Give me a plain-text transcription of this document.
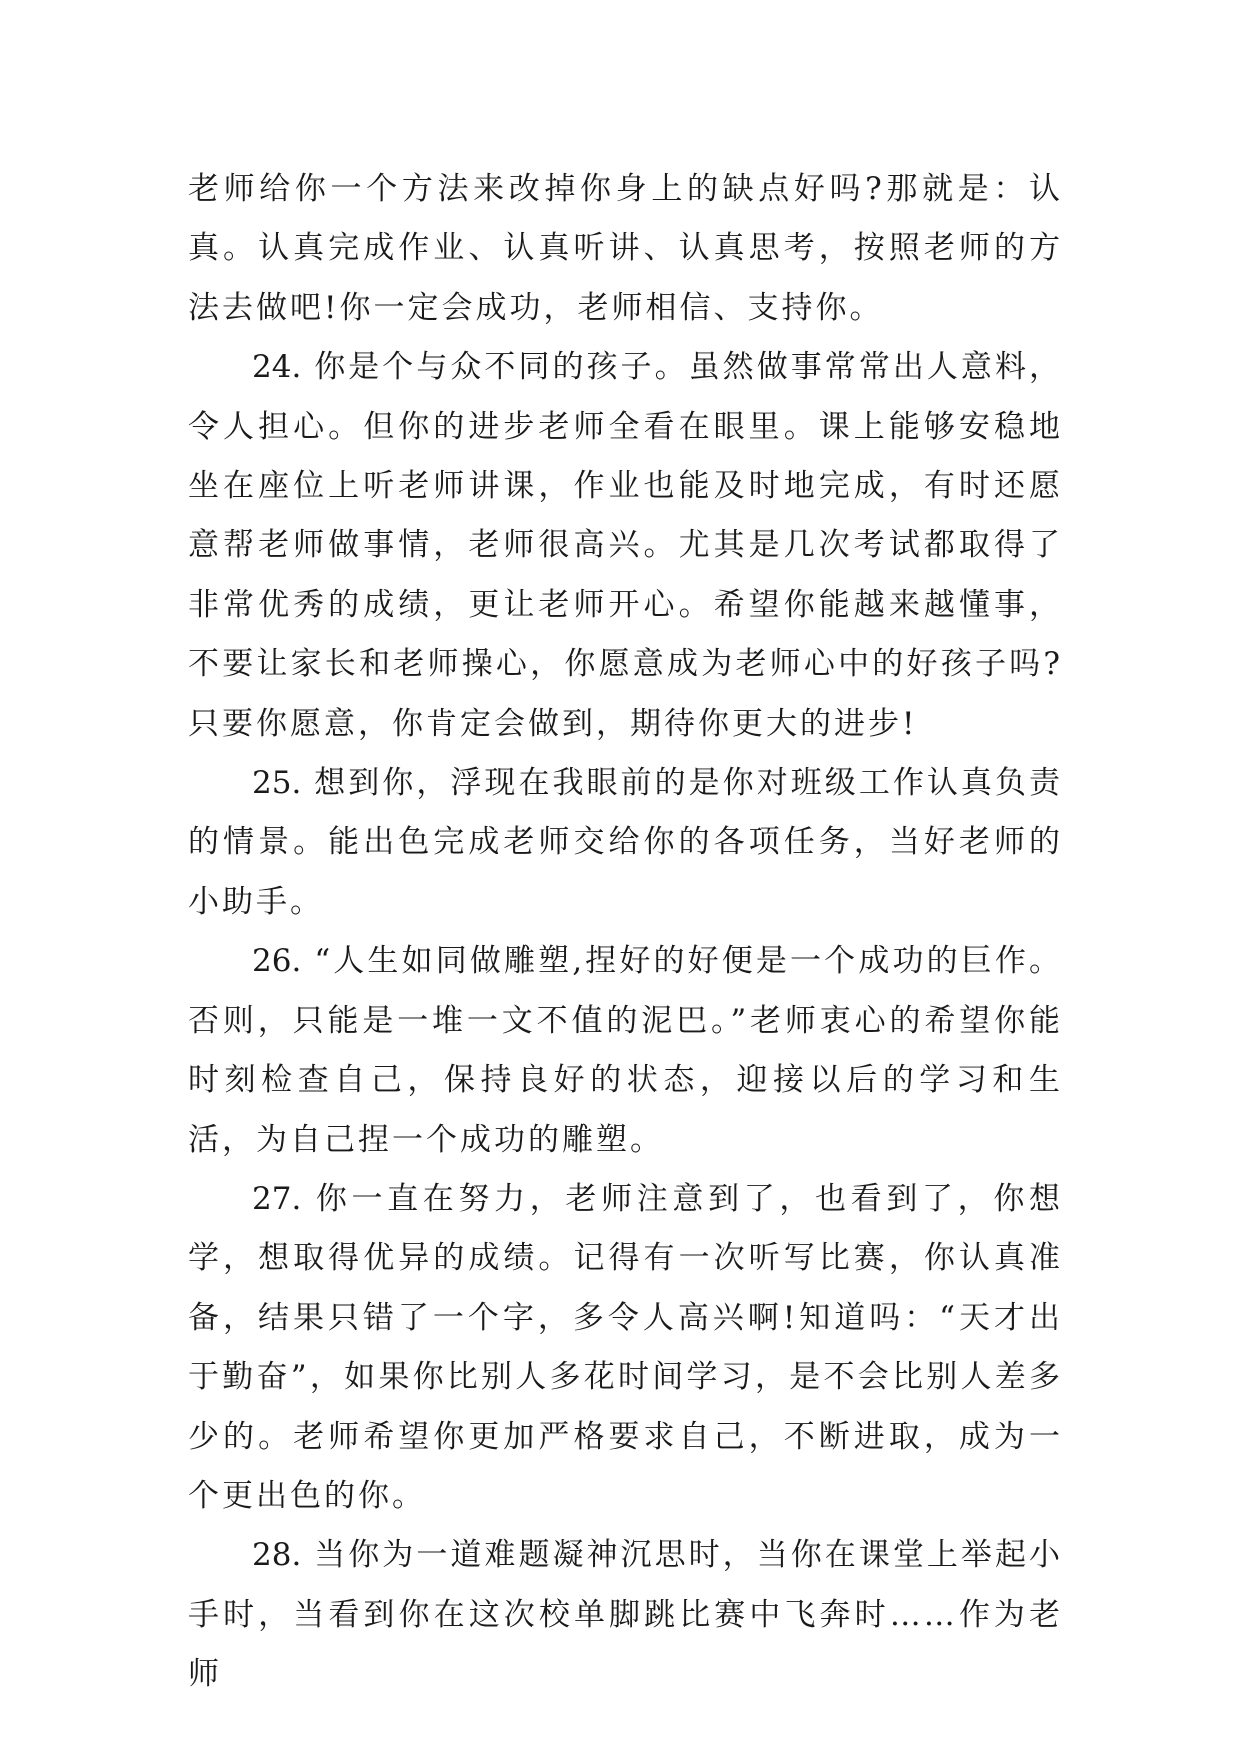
老师给你一个方法来改掉你身上的缺点好吗?那就是：认真。认真完成作业、认真听讲、认真思考，按照老师的方法去做吧!你一定会成功，老师相信、支持你。

24. 你是个与众不同的孩子。虽然做事常常出人意料，令人担心。但你的进步老师全看在眼里。课上能够安稳地坐在座位上听老师讲课，作业也能及时地完成，有时还愿意帮老师做事情，老师很高兴。尤其是几次考试都取得了非常优秀的成绩，更让老师开心。希望你能越来越懂事，不要让家长和老师操心，你愿意成为老师心中的好孩子吗?只要你愿意，你肯定会做到，期待你更大的进步!

25. 想到你，浮现在我眼前的是你对班级工作认真负责的情景。能出色完成老师交给你的各项任务，当好老师的小助手。

26. “人生如同做雕塑,捏好的好便是一个成功的巨作。否则，只能是一堆一文不值的泥巴。”老师衷心的希望你能时刻检查自己，保持良好的状态，迎接以后的学习和生活，为自己捏一个成功的雕塑。

27. 你一直在努力，老师注意到了，也看到了，你想学，想取得优异的成绩。记得有一次听写比赛，你认真准备，结果只错了一个字，多令人高兴啊!知道吗：“天才出于勤奋”，如果你比别人多花时间学习，是不会比别人差多少的。老师希望你更加严格要求自己，不断进取，成为一个更出色的你。

28. 当你为一道难题凝神沉思时，当你在课堂上举起小手时，当看到你在这次校单脚跳比赛中飞奔时……作为老师
